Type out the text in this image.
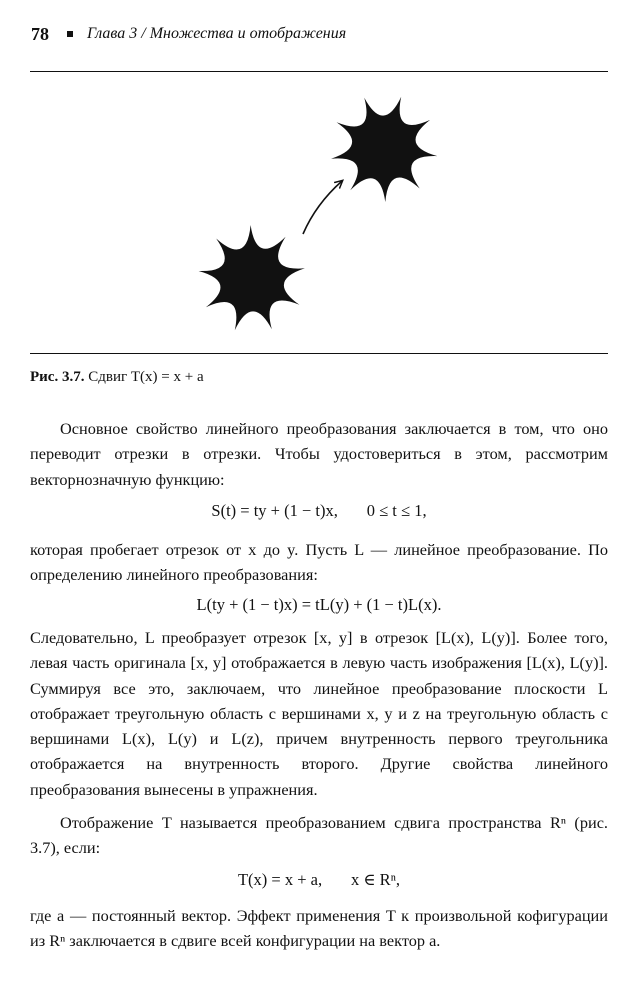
78 Глава 3 / Множества и отображения
Рис. 3.7. Сдвиг T(x) = x + a

Основное свойство линейного преобразования заключается в том, что оно переводит отрезки в отрезки. Чтобы удостовериться в этом, рассмотрим векторнозначную функцию:

S(t) = ty + (1 − t)x,       0 ≤ t ≤ 1,

которая пробегает отрезок от x до y. Пусть L — линейное преобразование. По определению линейного преобразования:

L(ty + (1 − t)x) = tL(y) + (1 − t)L(x).

Следовательно, L преобразует отрезок [x, y] в отрезок [L(x), L(y)]. Более того, левая часть оригинала [x, y] отображается в левую часть изображения [L(x), L(y)]. Суммируя все это, заключаем, что линейное преобразование плоскости L отображает треугольную область с вершинами x, y и z на треугольную область с вершинами L(x), L(y) и L(z), причем внутренность первого треугольника отображается на внутренность второго. Другие свойства линейного преобразования вынесены в упражнения.

Отображение T называется преобразованием сдвига пространства Rⁿ (рис. 3.7), если:

T(x) = x + a,       x ∈ Rⁿ,

где a — постоянный вектор. Эффект применения T к произвольной кофигурации из Rⁿ заключается в сдвиге всей конфигурации на вектор a.
